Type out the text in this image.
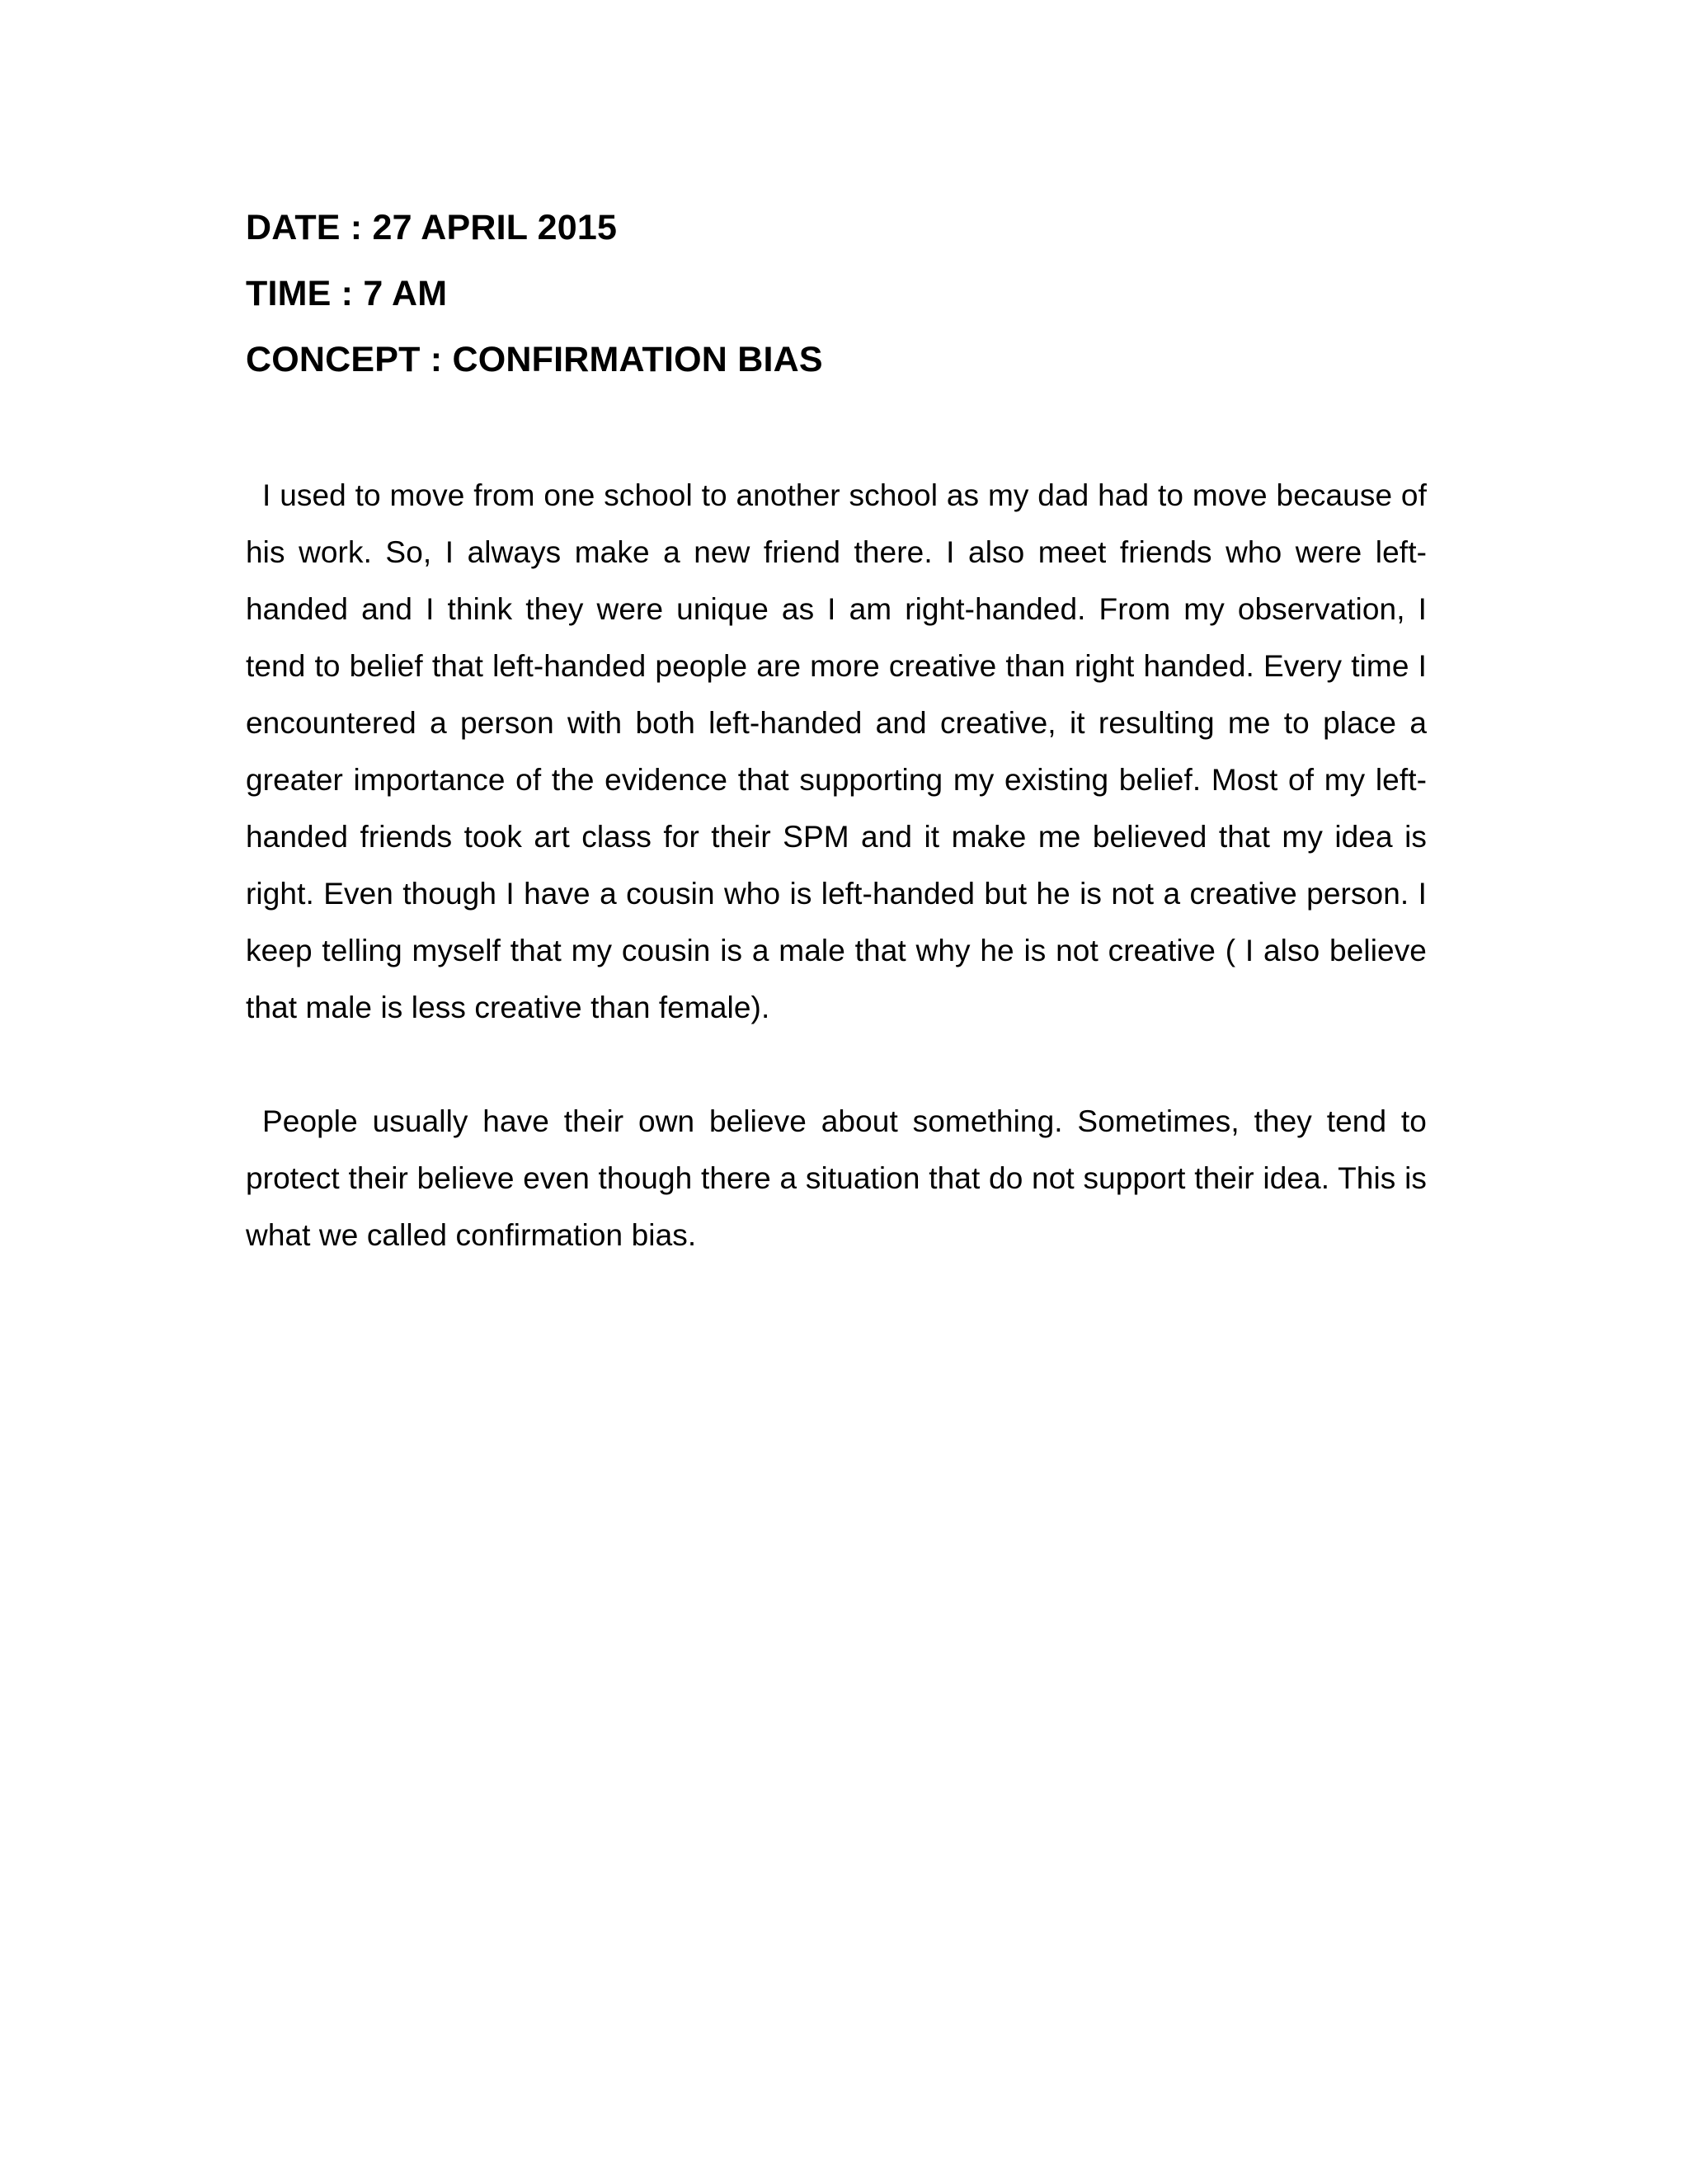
DATE : 27 APRIL 2015

TIME : 7 AM

CONCEPT : CONFIRMATION BIAS

I used to move from one school to another school as my dad had to move because of his work. So, I always make a new friend there. I also meet friends who were left-handed and I think they were unique as I am right-handed. From my observation, I tend to belief that left-handed people are more creative than right handed. Every time I encountered a person with both left-handed and creative, it resulting me to place a greater importance of the evidence that supporting my existing belief. Most of my left-handed friends took art class for their SPM and it make me believed that my idea is right. Even though I have a cousin who is left-handed but he is not a creative person. I keep telling myself that my cousin is a male that why he is not creative ( I also believe that male is less creative than female).

People usually have their own believe about something. Sometimes, they tend to protect their believe even though there a situation that do not support their idea. This is what we called confirmation bias.
